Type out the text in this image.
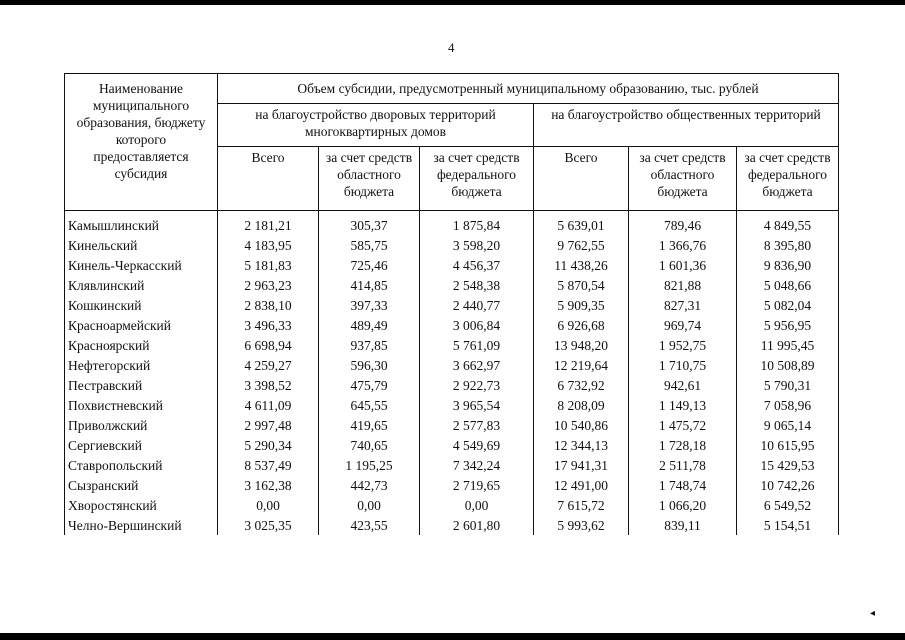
4
Наименование муниципального образования, бюджету которого предоставляется субсидия	Объем субсидии, предусмотренный муниципальному образованию, тыс. рублей					
	на благоустройство дворовых территорий многоквартирных домов			на благоустройство общественных территорий		
	Всего	за счет средств областного бюджета	за счет средств федерального бюджета	Всего	за счет средств областного бюджета	за счет средств федерального бюджета
Камышлинский	2 181,21	305,37	1 875,84	5 639,01	789,46	4 849,55
Кинельский	4 183,95	585,75	3 598,20	9 762,55	1 366,76	8 395,80
Кинель-Черкасский	5 181,83	725,46	4 456,37	11 438,26	1 601,36	9 836,90
Клявлинский	2 963,23	414,85	2 548,38	5 870,54	821,88	5 048,66
Кошкинский	2 838,10	397,33	2 440,77	5 909,35	827,31	5 082,04
Красноармейский	3 496,33	489,49	3 006,84	6 926,68	969,74	5 956,95
Красноярский	6 698,94	937,85	5 761,09	13 948,20	1 952,75	11 995,45
Нефтегорский	4 259,27	596,30	3 662,97	12 219,64	1 710,75	10 508,89
Пестравский	3 398,52	475,79	2 922,73	6 732,92	942,61	5 790,31
Похвистневский	4 611,09	645,55	3 965,54	8 208,09	1 149,13	7 058,96
Приволжский	2 997,48	419,65	2 577,83	10 540,86	1 475,72	9 065,14
Сергиевский	5 290,34	740,65	4 549,69	12 344,13	1 728,18	10 615,95
Ставропольский	8 537,49	1 195,25	7 342,24	17 941,31	2 511,78	15 429,53
Сызранский	3 162,38	442,73	2 719,65	12 491,00	1 748,74	10 742,26
Хворостянский	0,00	0,00	0,00	7 615,72	1 066,20	6 549,52
Челно-Вершинский	3 025,35	423,55	2 601,80	5 993,62	839,11	5 154,51
◂
